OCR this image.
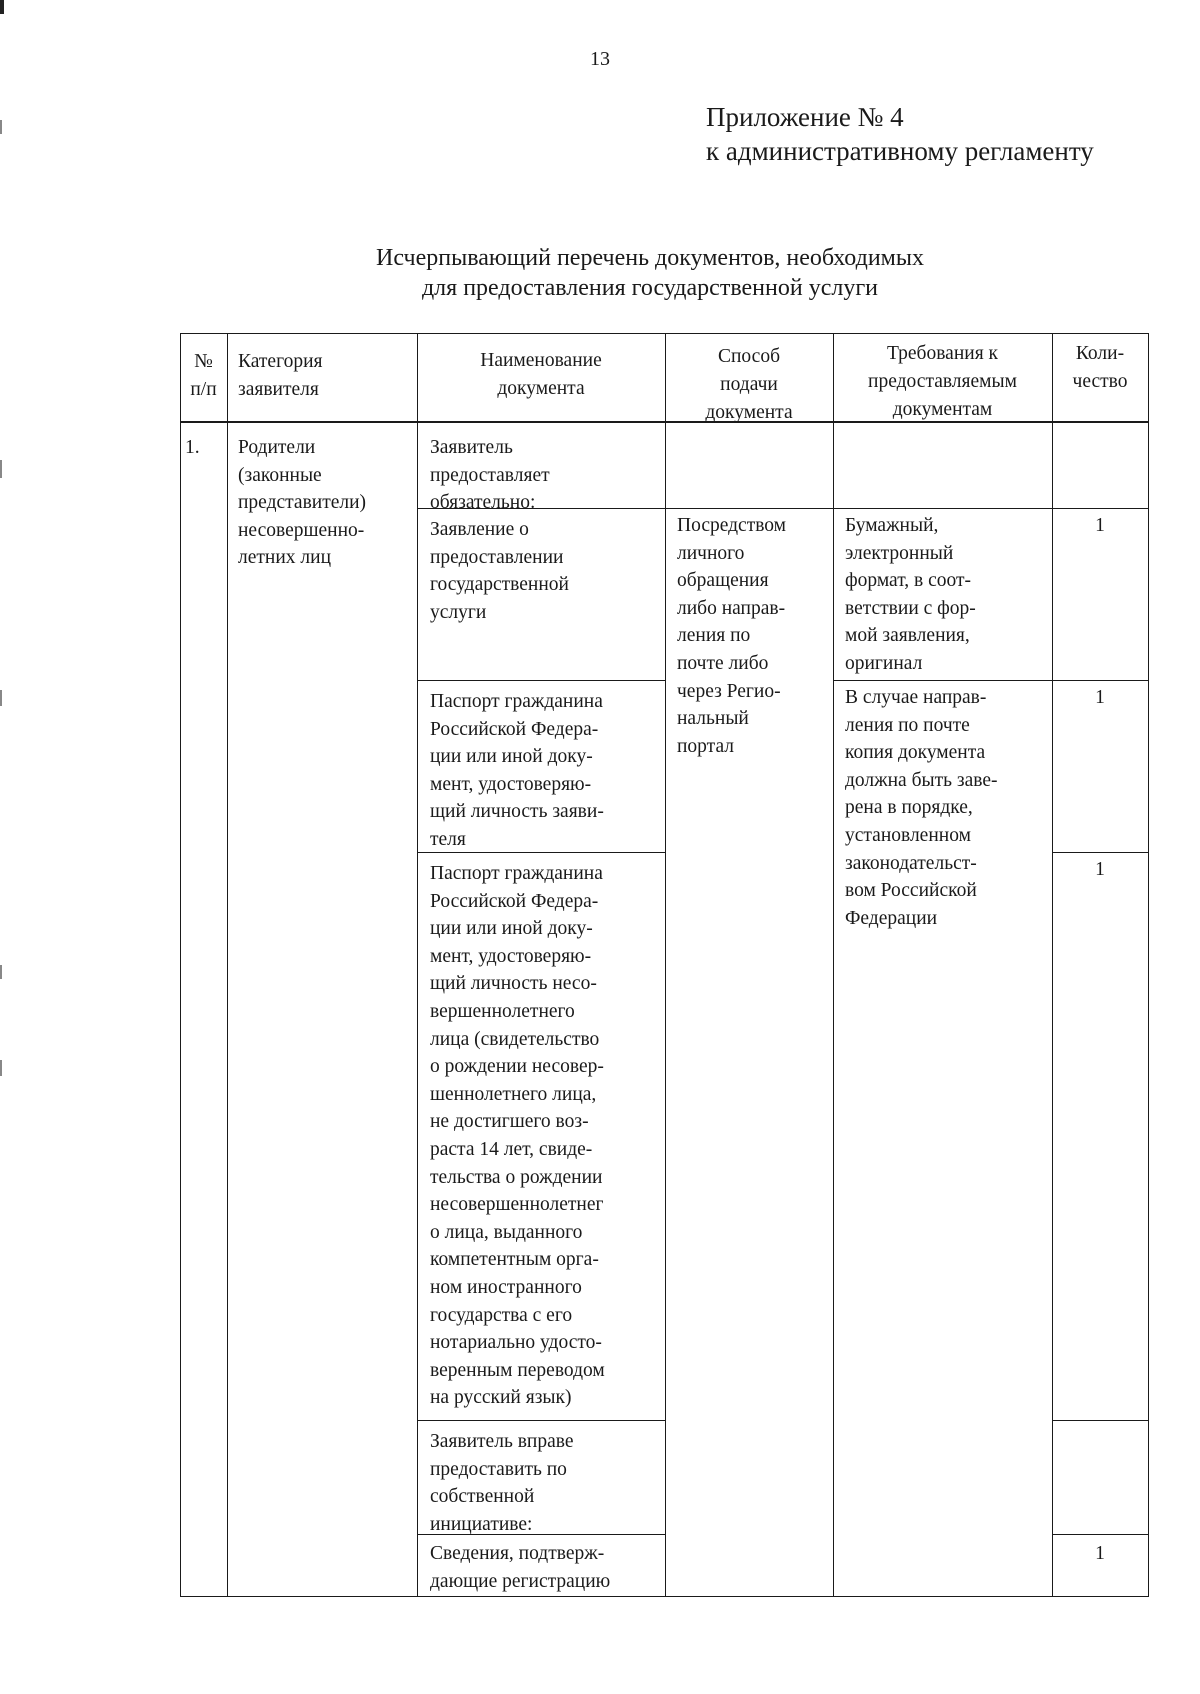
13
Приложение № 4
к административному регламенту
Исчерпывающий перечень документов, необходимых
для предоставления государственной услуги
№
п/п
Категория
заявителя
Наименование
документа
Способ
подачи
документа
Требования к
предоставляемым
документам
Коли-
чество
1. Родители
(законные
представители)
несовершенно-
летних лиц
Посредством
личного
обращения
либо направ-
ления по
почте либо
через Регио-
нальный
портал
Заявитель
предоставляет
обязательно:
Заявление о
предоставлении
государственной
услуги
Паспорт гражданина
Российской Федера-
ции или иной доку-
мент, удостоверяю-
щий личность заяви-
теля
Паспорт гражданина
Российской Федера-
ции или иной доку-
мент, удостоверяю-
щий личность несо-
вершеннолетнего
лица (свидетельство
о рождении несовер-
шеннолетнего лица,
не достигшего воз-
раста 14 лет, свиде-
тельства о рождении
несовершеннолетнег
о лица, выданного
компетентным орга-
ном иностранного
государства с его
нотариально удосто-
веренным переводом
на русский язык)
Заявитель вправе
предоставить по
собственной
инициативе:
Сведения, подтверж-
дающие регистрацию
Бумажный,
электронный
формат, в соот-
ветствии с фор-
мой заявления,
оригинал
В случае направ-
ления по почте
копия документа
должна быть заве-
рена в порядке,
установленном
законодательст-
вом Российской
Федерации
1
1
1
1
